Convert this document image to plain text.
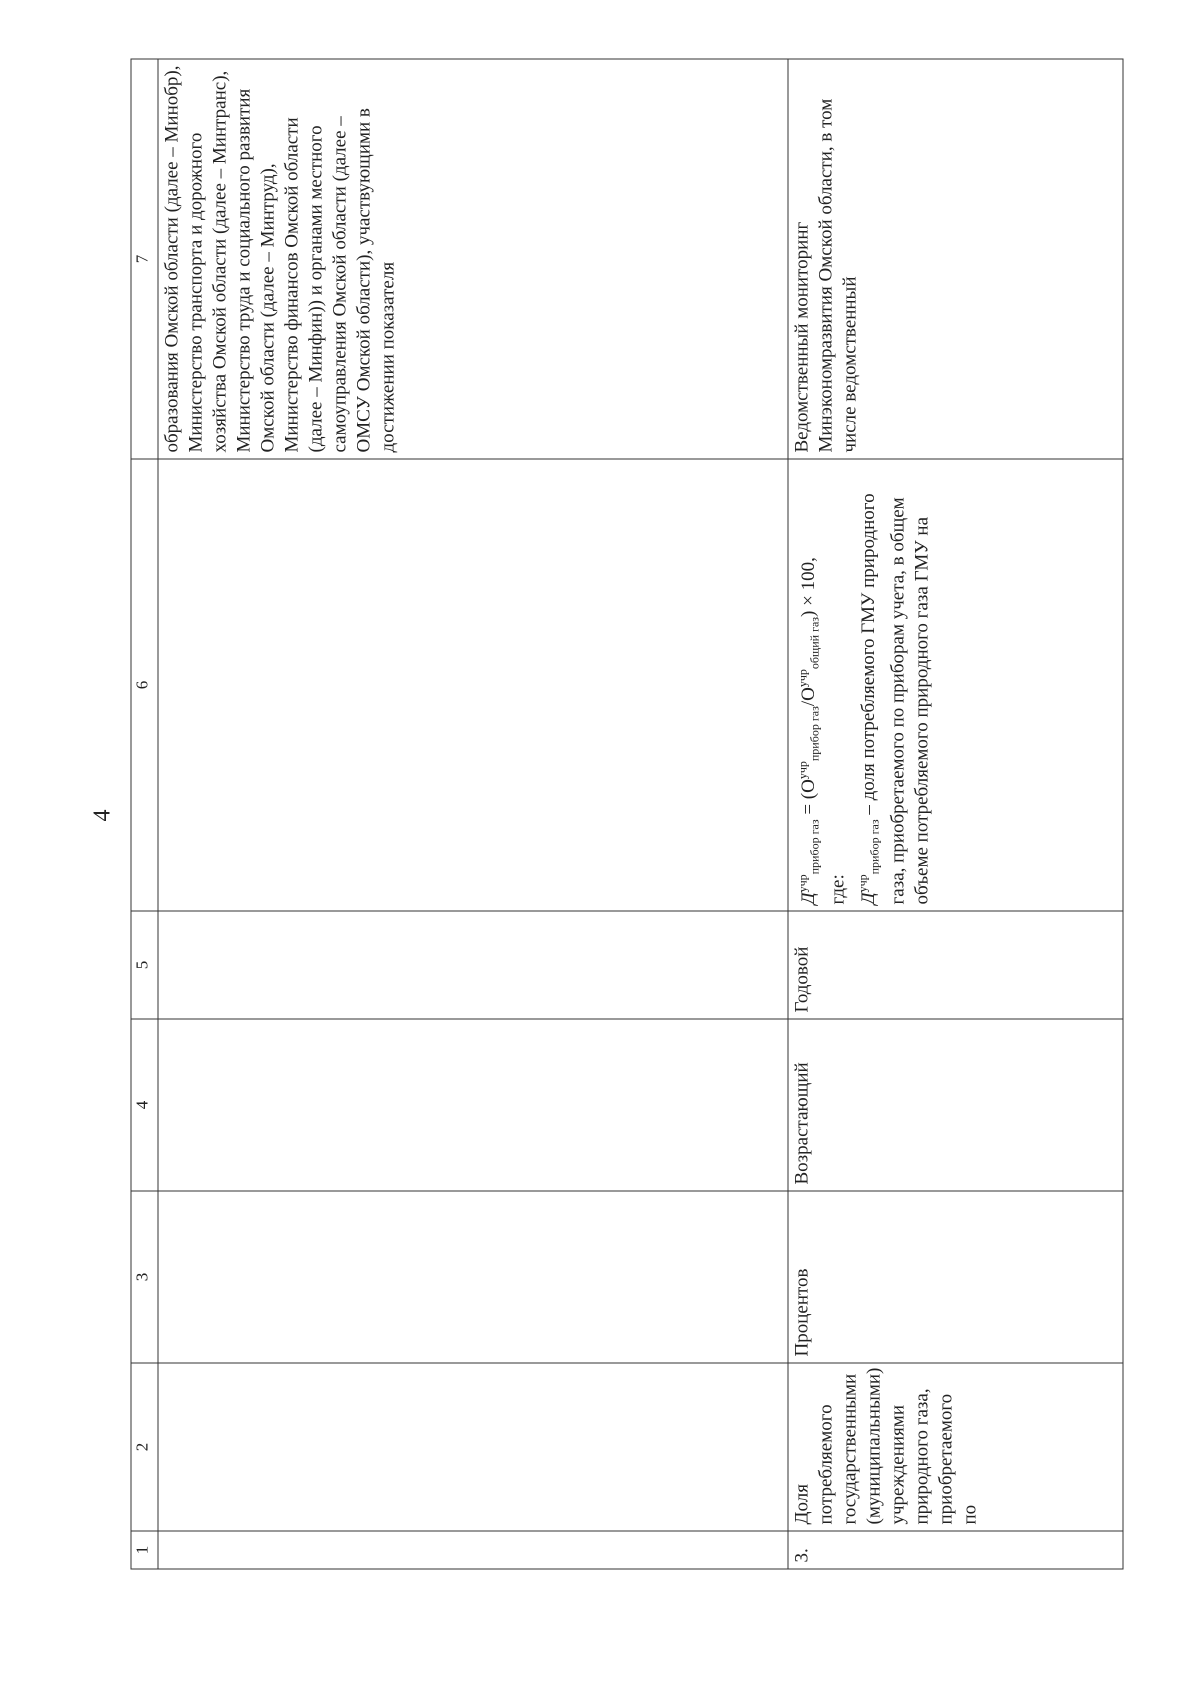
4
1	2	3	4	5	6	7
						образования Омской области (далее – Минобр), Министерство транспорта и дорожного хозяйства Омской области (далее – Минтранс), Министерство труда и социального развития Омской области (далее – Минтруд), Министерство финансов Омской области (далее – Минфин)) и органами местного самоуправления Омской области (далее – ОМСУ Омской области), участвующими в достижении показателя
3.	Доля потребляемого государственными (муниципальными) учреждениями природного газа, приобретаемого по	Процентов	Возрастающий	Годовой	$Д^{учр}_{прибор газ} = (О^{учр}_{прибор газ}/О^{учр}_{общий газ}) \times 100$,
где: $Д^{учр}_{прибор газ}$ – доля потребляемого ГМУ природного газа, приобретаемого по приборам учета, в общем объеме потребляемого природного газа ГМУ на	Ведомственный мониторинг Минэкономразвития Омской области, в том числе ведомственный
